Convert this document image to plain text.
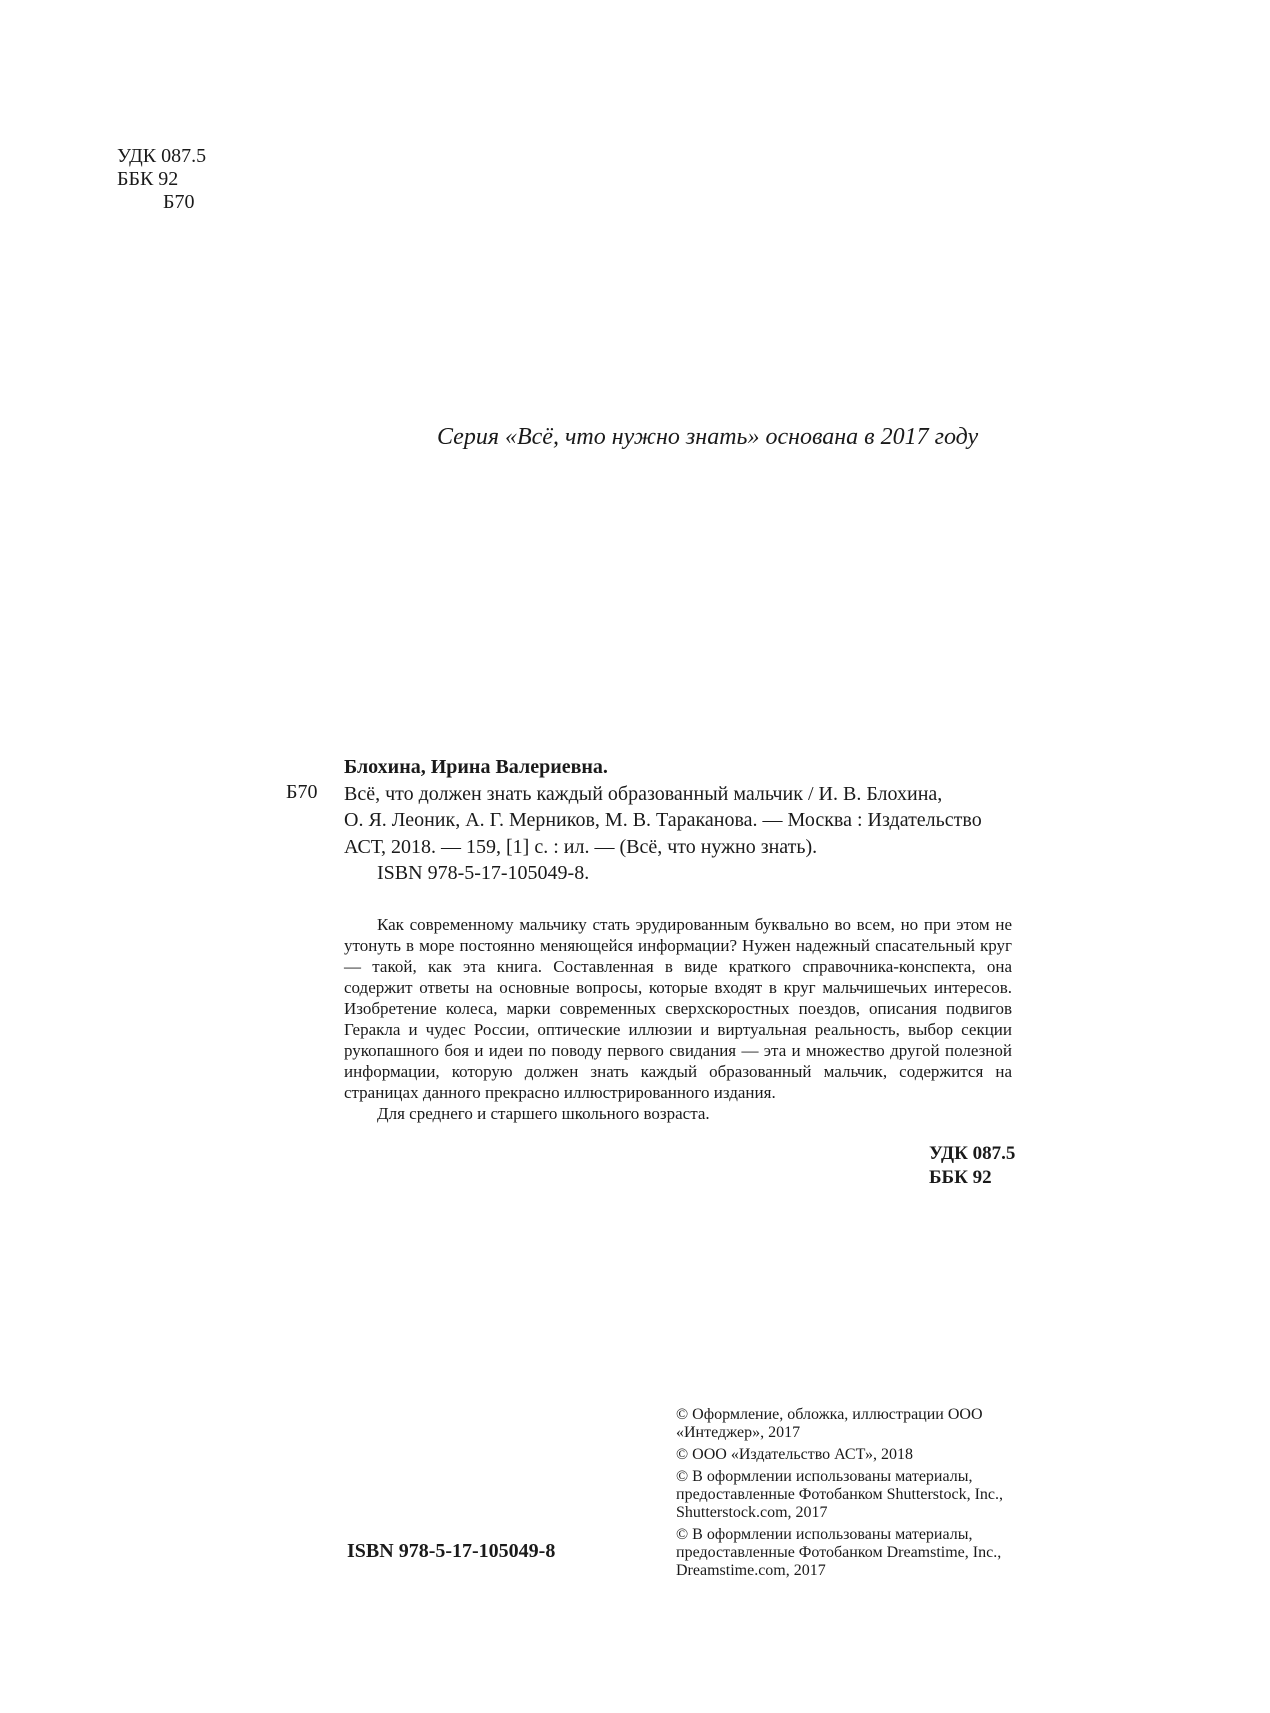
УДК 087.5
ББК 92
Б70
Серия «Всё, что нужно знать» основана в 2017 году
Б70
Блохина, Ирина Валериевна.
Всё, что должен знать каждый образованный мальчик / И. В. Блохина,
О. Я. Леоник, А. Г. Мерников, М. В. Тараканова. — Москва : Издательство
АСТ, 2018. — 159, [1] с. : ил. — (Всё, что нужно знать).
ISBN 978-5-17-105049-8.
Как современному мальчику стать эрудированным буквально во всем, но при этом не утонуть в море постоянно меняющейся информации? Нужен надежный спасательный круг — такой, как эта книга. Составленная в виде краткого справочника-конспекта, она содержит ответы на основные вопросы, которые входят в круг мальчишечьих интересов. Изобретение колеса, марки современных сверхскоростных поездов, описания подвигов Геракла и чудес России, оптические иллюзии и виртуальная реальность, выбор секции рукопашного боя и идеи по поводу первого свидания — эта и множество другой полезной информации, которую должен знать каждый образованный мальчик, содержится на страницах данного прекрасно иллюстрированного издания.
Для среднего и старшего школьного возраста.
УДК 087.5
ББК 92
© Оформление, обложка, иллюстрации ООО «Интеджер», 2017
© ООО «Издательство АСТ», 2018
© В оформлении использованы материалы, предоставленные Фотобанком Shutterstock, Inc., Shutterstock.com, 2017
© В оформлении использованы материалы, предоставленные Фотобанком Dreamstime, Inc., Dreamstime.com, 2017
ISBN 978-5-17-105049-8
